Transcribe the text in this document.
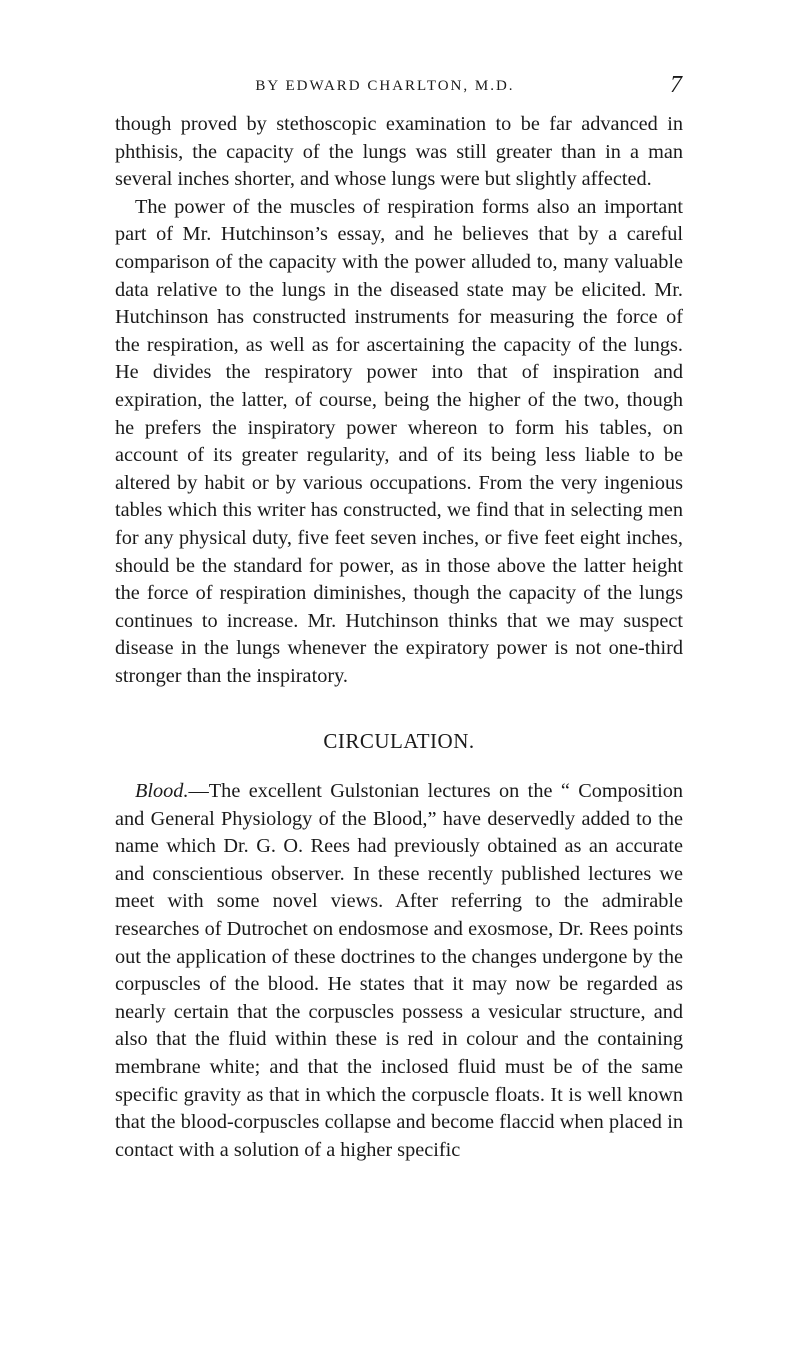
BY EDWARD CHARLTON, M.D.	7

though proved by stethoscopic examination to be far advanced in phthisis, the capacity of the lungs was still greater than in a man several inches shorter, and whose lungs were but slightly affected.

The power of the muscles of respiration forms also an important part of Mr. Hutchinson’s essay, and he believes that by a careful comparison of the capacity with the power alluded to, many valuable data relative to the lungs in the diseased state may be elicited. Mr. Hutchinson has constructed instruments for measuring the force of the respiration, as well as for ascertaining the capacity of the lungs. He divides the respiratory power into that of inspiration and expiration, the latter, of course, being the higher of the two, though he prefers the inspiratory power whereon to form his tables, on account of its greater regularity, and of its being less liable to be altered by habit or by various occupations. From the very ingenious tables which this writer has constructed, we find that in selecting men for any physical duty, five feet seven inches, or five feet eight inches, should be the standard for power, as in those above the latter height the force of respiration diminishes, though the capacity of the lungs continues to increase. Mr. Hutchinson thinks that we may suspect disease in the lungs whenever the expiratory power is not one-third stronger than the inspiratory.

CIRCULATION.

Blood.—The excellent Gulstonian lectures on the “ Composition and General Physiology of the Blood,” have deservedly added to the name which Dr. G. O. Rees had previously obtained as an accurate and conscientious observer. In these recently published lectures we meet with some novel views. After referring to the admirable researches of Dutrochet on endosmose and exosmose, Dr. Rees points out the application of these doctrines to the changes undergone by the corpuscles of the blood. He states that it may now be regarded as nearly certain that the corpuscles possess a vesicular structure, and also that the fluid within these is red in colour and the containing membrane white; and that the inclosed fluid must be of the same specific gravity as that in which the corpuscle floats. It is well known that the blood-corpuscles collapse and become flaccid when placed in contact with a solution of a higher specific
